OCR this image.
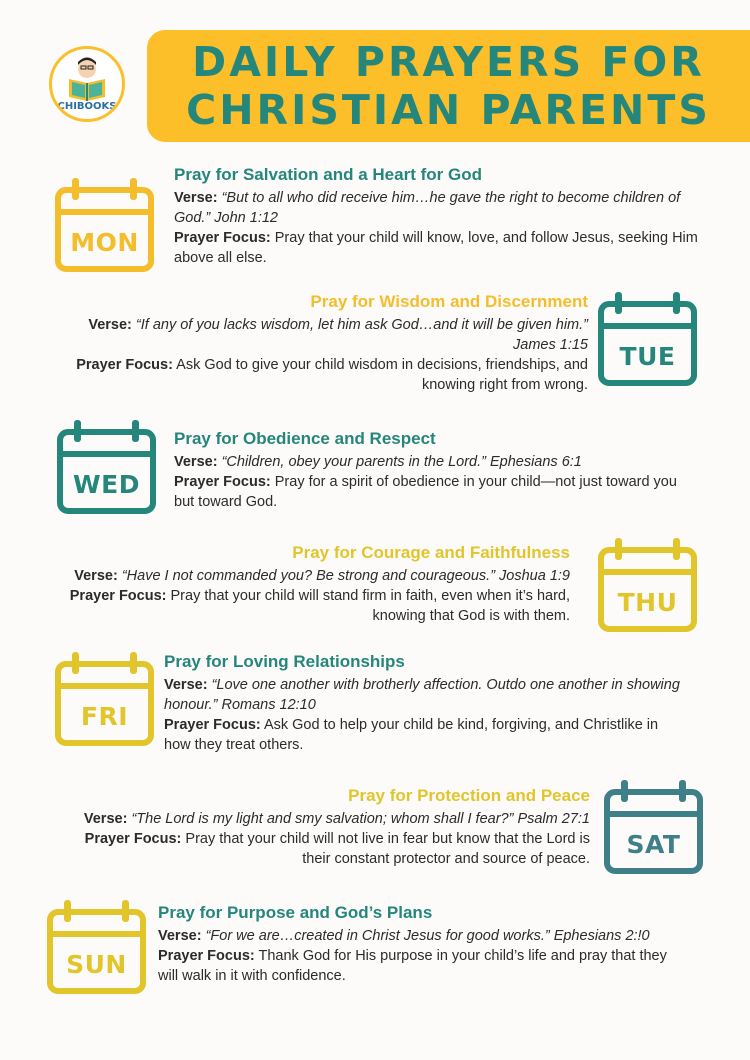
DAILY PRAYERS FOR
CHRISTIAN PARENTS
CHIBOOKS
MON
Pray for Salvation and a Heart for God

Verse: “But to all who did receive him…he gave the right to become children of God.” John 1:12

Prayer Focus: Pray that your child will know, love, and follow Jesus, seeking Him above all else.

TUE
Pray for Wisdom and Discernment

Verse: “If any of you lacks wisdom, let him ask God…and it will be given him.” James 1:15

Prayer Focus: Ask God to give your child wisdom in decisions, friendships, and knowing right from wrong.

WED
Pray for Obedience and Respect

Verse: “Children, obey your parents in the Lord.” Ephesians 6:1

Prayer Focus: Pray for a spirit of obedience in your child—not just toward you but toward God.

THU
Pray for Courage and Faithfulness

Verse: “Have I not commanded you? Be strong and courageous.” Joshua 1:9

Prayer Focus: Pray that your child will stand firm in faith, even when it’s hard, knowing that God is with them.

FRI
Pray for Loving Relationships

Verse: “Love one another with brotherly affection. Outdo one another in showing honour.” Romans 12:10

Prayer Focus: Ask God to help your child be kind, forgiving, and Christlike in how they treat others.

SAT
Pray for Protection and Peace

Verse: “The Lord is my light and smy salvation; whom shall I fear?” Psalm 27:1

Prayer Focus: Pray that your child will not live in fear but know that the Lord is their constant protector and source of peace.

SUN
Pray for Purpose and God’s Plans

Verse: “For we are…created in Christ Jesus for good works.” Ephesians 2:!0

Prayer Focus: Thank God for His purpose in your child’s life and pray that they will walk in it with confidence.
